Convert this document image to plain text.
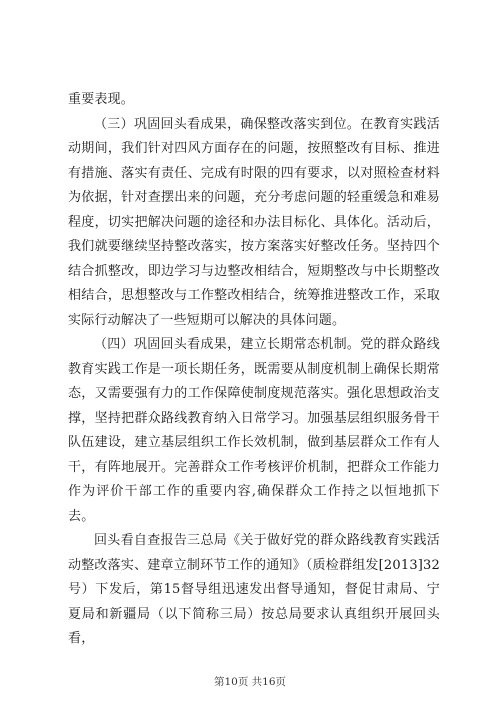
重要表现。

（三）巩固回头看成果，确保整改落实到位。在教育实践活动期间，我们针对四风方面存在的问题，按照整改有目标、推进有措施、落实有责任、完成有时限的四有要求，以对照检查材料为依据，针对查摆出来的问题，充分考虑问题的轻重缓急和难易程度，切实把解决问题的途径和办法目标化、具体化。活动后，我们就要继续坚持整改落实，按方案落实好整改任务。坚持四个结合抓整改，即边学习与边整改相结合，短期整改与中长期整改相结合，思想整改与工作整改相结合，统筹推进整改工作，采取实际行动解决了一些短期可以解决的具体问题。

（四）巩固回头看成果，建立长期常态机制。党的群众路线教育实践工作是一项长期任务，既需要从制度机制上确保长期常态，又需要强有力的工作保障使制度规范落实。强化思想政治支撑，坚持把群众路线教育纳入日常学习。加强基层组织服务骨干队伍建设，建立基层组织工作长效机制，做到基层群众工作有人干，有阵地展开。完善群众工作考核评价机制，把群众工作能力作为评价干部工作的重要内容,确保群众工作持之以恒地抓下去。

回头看自查报告三总局《关于做好党的群众路线教育实践活动整改落实、建章立制环节工作的通知》（质检群组发[2013]32号）下发后，第15督导组迅速发出督导通知，督促甘肃局、宁夏局和新疆局（以下简称三局）按总局要求认真组织开展回头看，

第10页 共16页
